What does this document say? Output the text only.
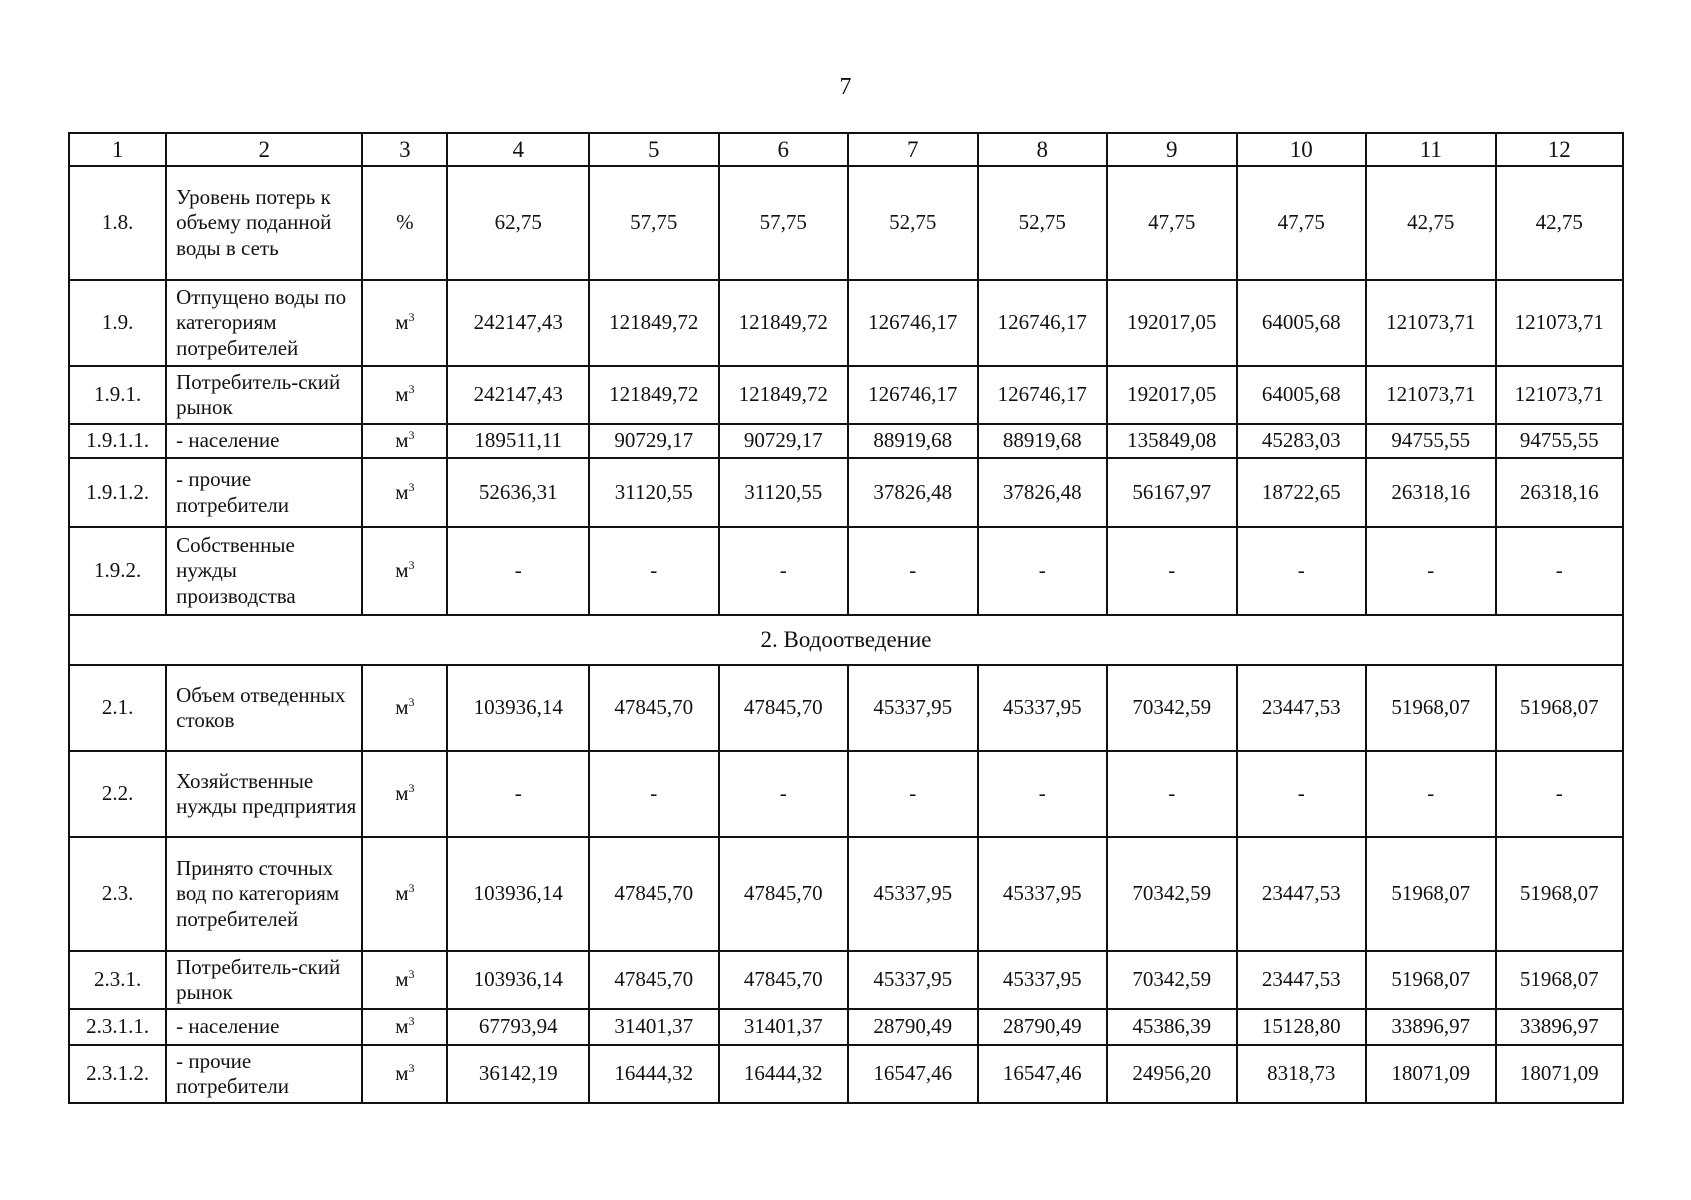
7
1	2	3	4	5	6	7	8	9	10	11	12
1.8.	Уровень потерь к объему поданной воды в сеть	%	62,75	57,75	57,75	52,75	52,75	47,75	47,75	42,75	42,75
1.9.	Отпущено воды по категориям потребителей	$м^3$	242147,43	121849,72	121849,72	126746,17	126746,17	192017,05	64005,68	121073,71	121073,71
1.9.1.	Потребитель-ский рынок	$м^3$	242147,43	121849,72	121849,72	126746,17	126746,17	192017,05	64005,68	121073,71	121073,71
1.9.1.1.	- население	$м^3$	189511,11	90729,17	90729,17	88919,68	88919,68	135849,08	45283,03	94755,55	94755,55
1.9.1.2.	- прочие потребители	$м^3$	52636,31	31120,55	31120,55	37826,48	37826,48	56167,97	18722,65	26318,16	26318,16
1.9.2.	Собственные нужды производства	$м^3$	-	-	-	-	-	-	-	-	-
2. Водоотведение											
2.1.	Объем отведенных стоков	$м^3$	103936,14	47845,70	47845,70	45337,95	45337,95	70342,59	23447,53	51968,07	51968,07
2.2.	Хозяйственные нужды предприятия	$м^3$	-	-	-	-	-	-	-	-	-
2.3.	Принято сточных вод по категориям потребителей	$м^3$	103936,14	47845,70	47845,70	45337,95	45337,95	70342,59	23447,53	51968,07	51968,07
2.3.1.	Потребитель-ский рынок	$м^3$	103936,14	47845,70	47845,70	45337,95	45337,95	70342,59	23447,53	51968,07	51968,07
2.3.1.1.	- население	$м^3$	67793,94	31401,37	31401,37	28790,49	28790,49	45386,39	15128,80	33896,97	33896,97
2.3.1.2.	- прочие потребители	$м^3$	36142,19	16444,32	16444,32	16547,46	16547,46	24956,20	8318,73	18071,09	18071,09
